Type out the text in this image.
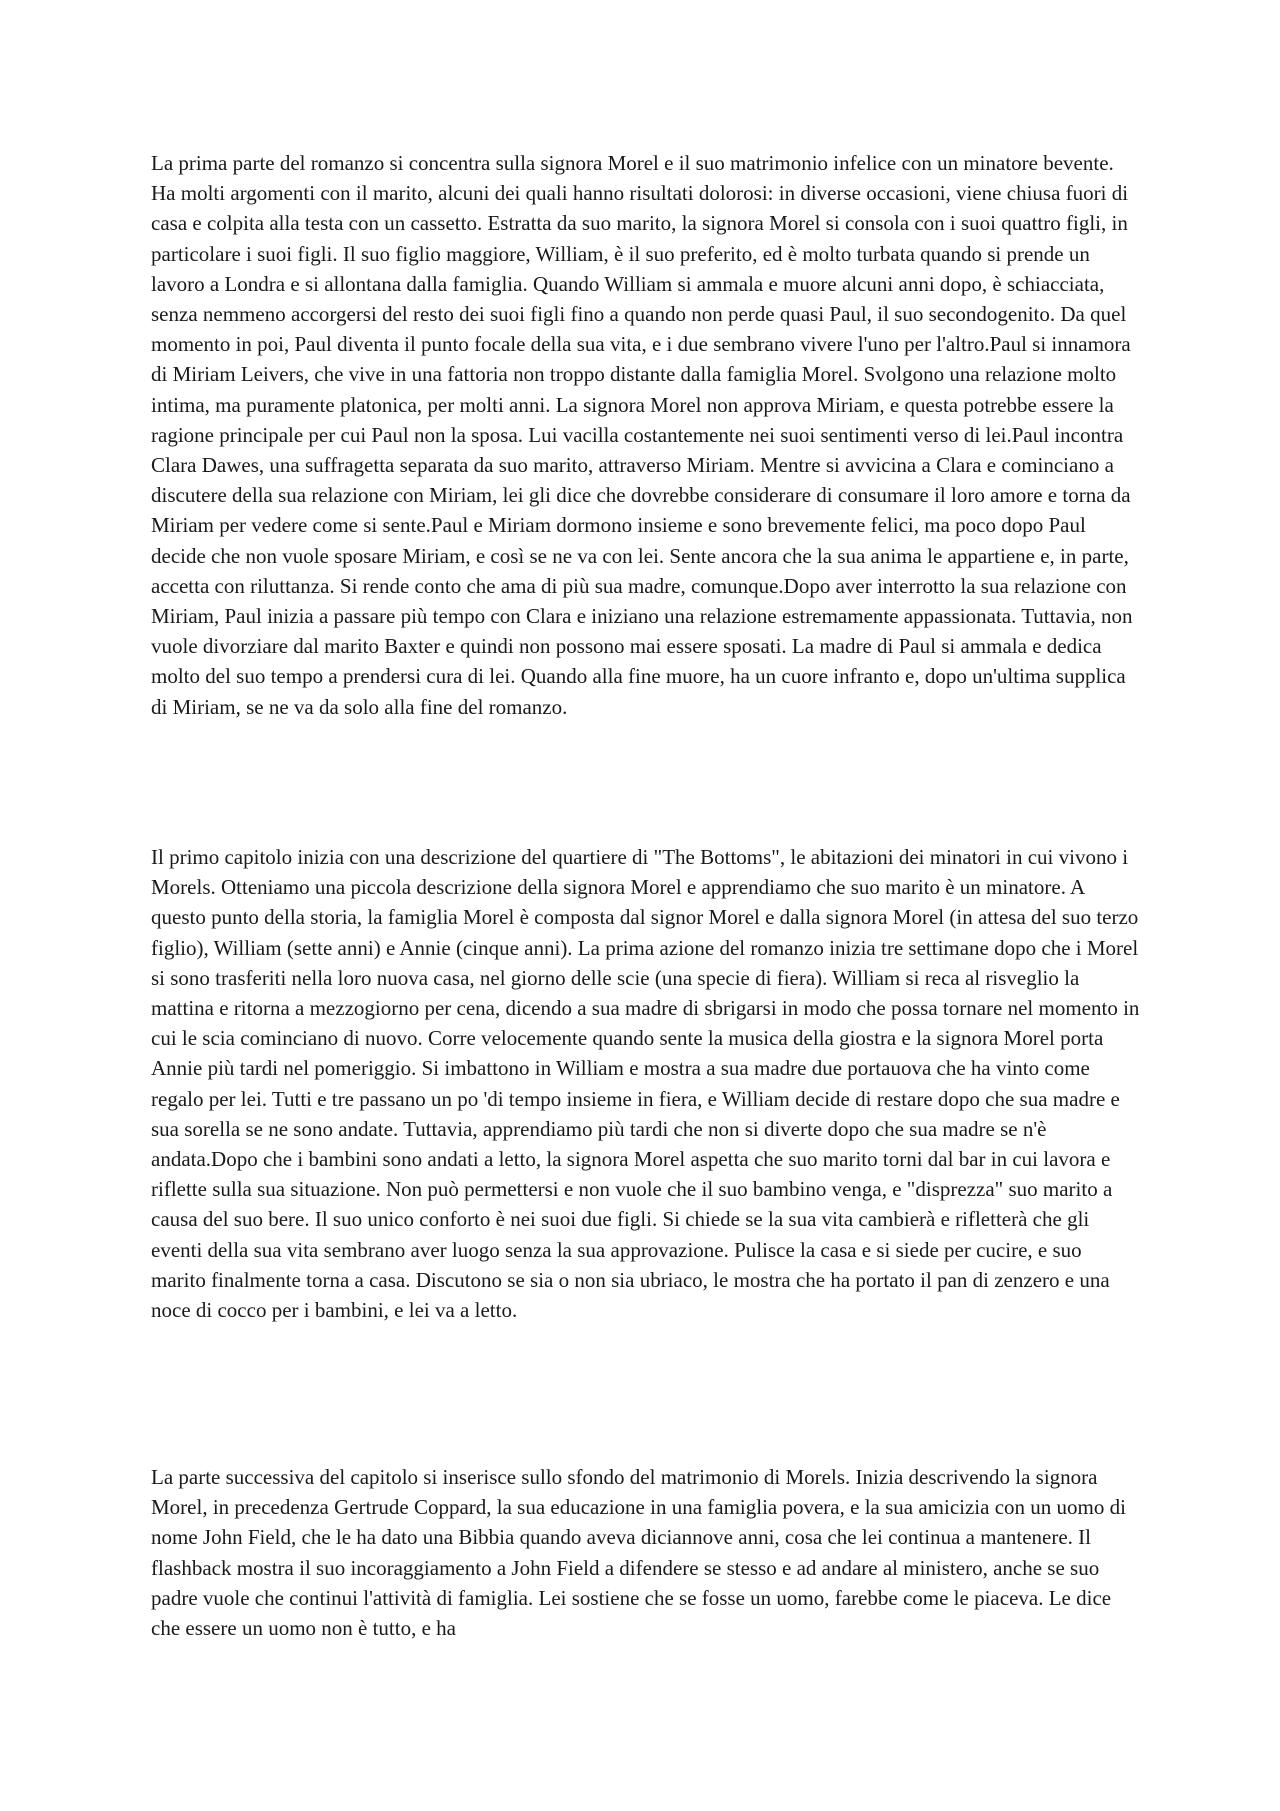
La prima parte del romanzo si concentra sulla signora Morel e il suo matrimonio infelice con un minatore bevente. Ha molti argomenti con il marito, alcuni dei quali hanno risultati dolorosi: in diverse occasioni, viene chiusa fuori di casa e colpita alla testa con un cassetto. Estratta da suo marito, la signora Morel si consola con i suoi quattro figli, in particolare i suoi figli. Il suo figlio maggiore, William, è il suo preferito, ed è molto turbata quando si prende un lavoro a Londra e si allontana dalla famiglia. Quando William si ammala e muore alcuni anni dopo, è schiacciata, senza nemmeno accorgersi del resto dei suoi figli fino a quando non perde quasi Paul, il suo secondogenito. Da quel momento in poi, Paul diventa il punto focale della sua vita, e i due sembrano vivere l'uno per l'altro.Paul si innamora di Miriam Leivers, che vive in una fattoria non troppo distante dalla famiglia Morel. Svolgono una relazione molto intima, ma puramente platonica, per molti anni. La signora Morel non approva Miriam, e questa potrebbe essere la ragione principale per cui Paul non la sposa. Lui vacilla costantemente nei suoi sentimenti verso di lei.Paul incontra Clara Dawes, una suffragetta separata da suo marito, attraverso Miriam. Mentre si avvicina a Clara e cominciano a discutere della sua relazione con Miriam, lei gli dice che dovrebbe considerare di consumare il loro amore e torna da Miriam per vedere come si sente.Paul e Miriam dormono insieme e sono brevemente felici, ma poco dopo Paul decide che non vuole sposare Miriam, e così se ne va con lei. Sente ancora che la sua anima le appartiene e, in parte, accetta con riluttanza. Si rende conto che ama di più sua madre, comunque.Dopo aver interrotto la sua relazione con Miriam, Paul inizia a passare più tempo con Clara e iniziano una relazione estremamente appassionata. Tuttavia, non vuole divorziare dal marito Baxter e quindi non possono mai essere sposati. La madre di Paul si ammala e dedica molto del suo tempo a prendersi cura di lei. Quando alla fine muore, ha un cuore infranto e, dopo un'ultima supplica di Miriam, se ne va da solo alla fine del romanzo.

Il primo capitolo inizia con una descrizione del quartiere di "The Bottoms", le abitazioni dei minatori in cui vivono i Morels. Otteniamo una piccola descrizione della signora Morel e apprendiamo che suo marito è un minatore. A questo punto della storia, la famiglia Morel è composta dal signor Morel e dalla signora Morel (in attesa del suo terzo figlio), William (sette anni) e Annie (cinque anni). La prima azione del romanzo inizia tre settimane dopo che i Morel si sono trasferiti nella loro nuova casa, nel giorno delle scie (una specie di fiera). William si reca al risveglio la mattina e ritorna a mezzogiorno per cena, dicendo a sua madre di sbrigarsi in modo che possa tornare nel momento in cui le scia cominciano di nuovo. Corre velocemente quando sente la musica della giostra e la signora Morel porta Annie più tardi nel pomeriggio. Si imbattono in William e mostra a sua madre due portauova che ha vinto come regalo per lei. Tutti e tre passano un po 'di tempo insieme in fiera, e William decide di restare dopo che sua madre e sua sorella se ne sono andate. Tuttavia, apprendiamo più tardi che non si diverte dopo che sua madre se n'è andata.Dopo che i bambini sono andati a letto, la signora Morel aspetta che suo marito torni dal bar in cui lavora e riflette sulla sua situazione. Non può permettersi e non vuole che il suo bambino venga, e "disprezza" suo marito a causa del suo bere. Il suo unico conforto è nei suoi due figli. Si chiede se la sua vita cambierà e rifletterà che gli eventi della sua vita sembrano aver luogo senza la sua approvazione. Pulisce la casa e si siede per cucire, e suo marito finalmente torna a casa. Discutono se sia o non sia ubriaco, le mostra che ha portato il pan di zenzero e una noce di cocco per i bambini, e lei va a letto.

La parte successiva del capitolo si inserisce sullo sfondo del matrimonio di Morels. Inizia descrivendo la signora Morel, in precedenza Gertrude Coppard, la sua educazione in una famiglia povera, e la sua amicizia con un uomo di nome John Field, che le ha dato una Bibbia quando aveva diciannove anni, cosa che lei continua a mantenere. Il flashback mostra il suo incoraggiamento a John Field a difendere se stesso e ad andare al ministero, anche se suo padre vuole che continui l'attività di famiglia. Lei sostiene che se fosse un uomo, farebbe come le piaceva. Le dice che essere un uomo non è tutto, e ha
